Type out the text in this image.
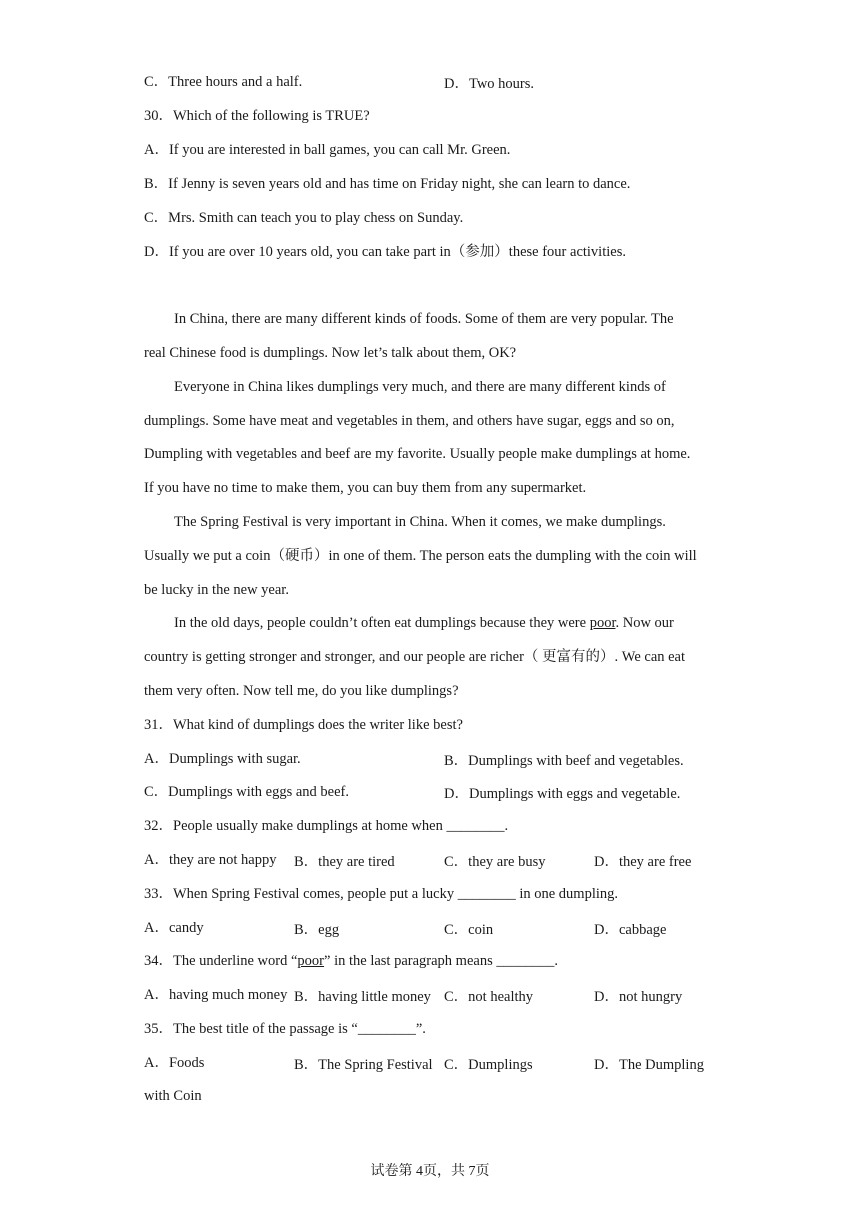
C．Three hours and a half.	D．Two hours.
30．Which of the following is TRUE?
A．If you are interested in ball games, you can call Mr. Green.
B．If Jenny is seven years old and has time on Friday night, she can learn to dance.
C．Mrs. Smith can teach you to play chess on Sunday.
D．If you are over 10 years old, you can take part in（参加）these four activities.
In China, there are many different kinds of foods. Some of them are very popular. The
real Chinese food is dumplings. Now let’s talk about them, OK?
Everyone in China likes dumplings very much, and there are many different kinds of
dumplings. Some have meat and vegetables in them, and others have sugar, eggs and so on,
Dumpling with vegetables and beef are my favorite. Usually people make dumplings at home.
If you have no time to make them, you can buy them from any supermarket.
The Spring Festival is very important in China. When it comes, we make dumplings.
Usually we put a coin（硬币）in one of them. The person eats the dumpling with the coin will
be lucky in the new year.
In the old days, people couldn’t often eat dumplings because they were poor. Now our
country is getting stronger and stronger, and our people are richer（ 更富有的）. We can eat
them very often. Now tell me, do you like dumplings?
31．What kind of dumplings does the writer like best?
A．Dumplings with sugar.	B．Dumplings with beef and vegetables.
C．Dumplings with eggs and beef.	D．Dumplings with eggs and vegetable.
32．People usually make dumplings at home when ________.
A．they are not happy B．they are tired	C．they are busy	D．they are free
33．When Spring Festival comes, people put a lucky ________ in one dumpling.
A．candy	B．egg	C．coin	D．cabbage
34．The underline word “poor” in the last paragraph means ________.
A．having much money B．having little money C．not healthy	D．not hungry
35．The best title of the passage is “________”.
A．Foods	B．The Spring Festival C．Dumplings	D．The Dumpling
with Coin
试卷第 4页，共 7页
